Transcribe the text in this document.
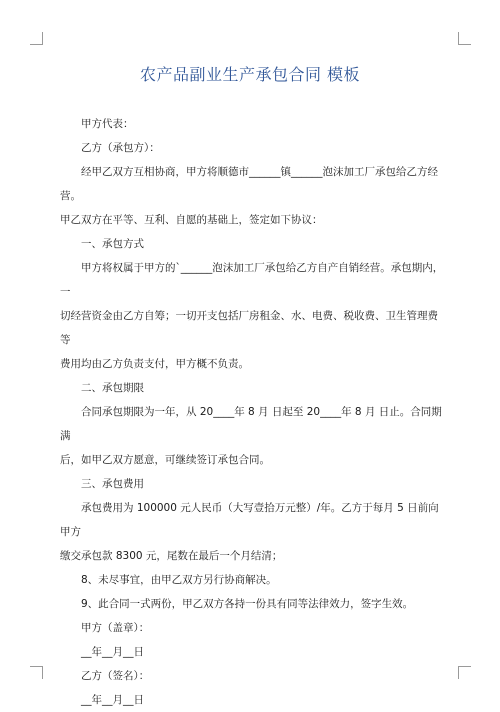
农产品副业生产承包合同 模板

甲方代表：

乙方（承包方）：

经甲乙双方互相协商，甲方将顺德市______镇______泡沫加工厂承包给乙方经营。

甲乙双方在平等、互利、自愿的基础上，签定如下协议：

一、承包方式

甲方将权属于甲方的`______泡沫加工厂承包给乙方自产自销经营。承包期内，一

切经营资金由乙方自筹；一切开支包括厂房租金、水、电费、税收费、卫生管理费等

费用均由乙方负责支付，甲方概不负责。

二、承包期限

合同承包期限为一年，从 20____年 8 月 日起至 20____年 8 月 日止。合同期满

后，如甲乙双方愿意，可继续签订承包合同。

三、承包费用

承包费用为 100000 元人民币（大写壹拾万元整）/年。乙方于每月 5 日前向甲方

缴交承包款 8300 元，尾数在最后一个月结清；

8、未尽事宜，由甲乙双方另行协商解决。

9、此合同一式两份，甲乙双方各持一份具有同等法律效力，签字生效。

甲方（盖章）：

__年__月__日

乙方（签名）：

__年__月__日
